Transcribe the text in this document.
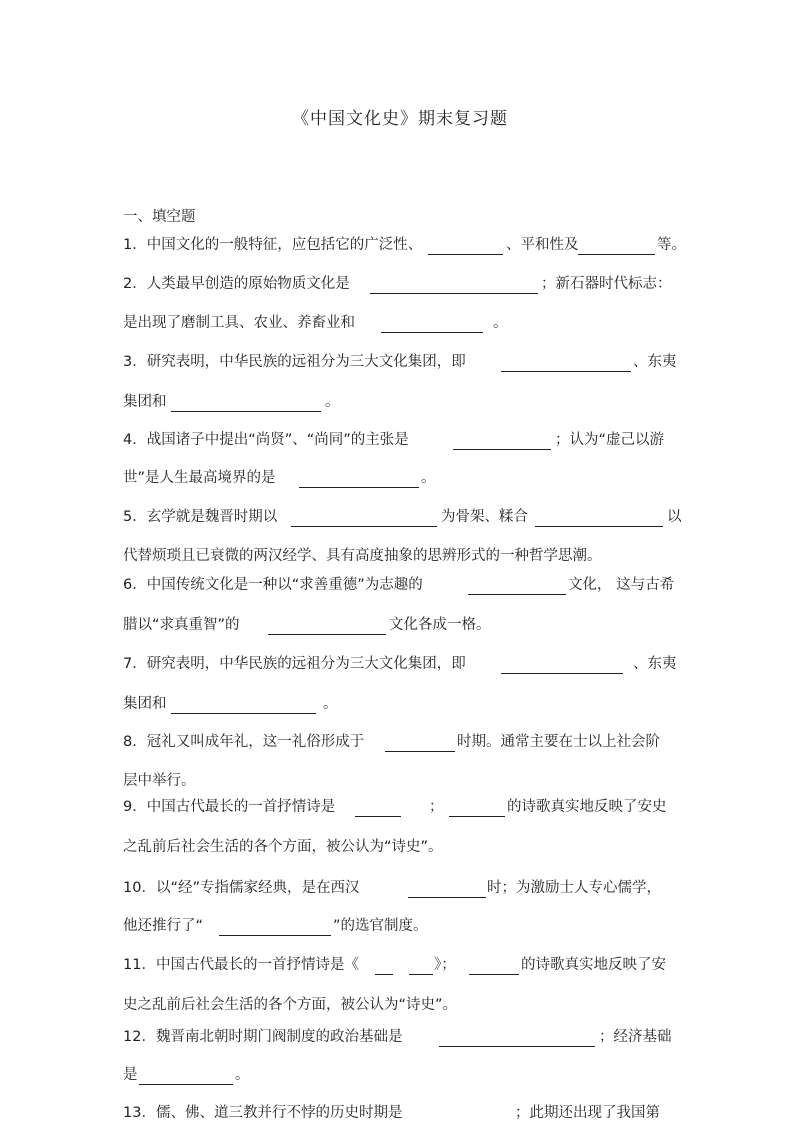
《中国文化史》期末复习题
一、填空题
1．中国文化的一般特征，应包括它的广泛性、	、平和性及	等。
2．人类最早创造的原始物质文化是	；新石器时代标志：
是出现了磨制工具、农业、养畜业和	。
3．研究表明，中华民族的远祖分为三大文化集团，即	、东夷
集团和	。
4．战国诸子中提出“尚贤”、“尚同”的主张是	；认为“虚己以游
世”是人生最高境界的是	。
5．玄学就是魏晋时期以	为骨架、糅合	以
代替烦琐且已衰微的两汉经学、具有高度抽象的思辨形式的一种哲学思潮。
6．中国传统文化是一种以“求善重德”为志趣的	文化， 这与古希
腊以“求真重智”的	文化各成一格。
7．研究表明，中华民族的远祖分为三大文化集团，即	、东夷
集团和	。
8．冠礼又叫成年礼，这一礼俗形成于	时期。通常主要在士以上社会阶
层中举行。
9．中国古代最长的一首抒情诗是	；	的诗歌真实地反映了安史
之乱前后社会生活的各个方面，被公认为“诗史”。
10．以“经”专指儒家经典，是在西汉	时；为激励士人专心儒学，
他还推行了“	”的选官制度。
11．中国古代最长的一首抒情诗是《	》；	的诗歌真实地反映了安
史之乱前后社会生活的各个方面，被公认为“诗史”。
12．魏晋南北朝时期门阀制度的政治基础是	；经济基础
是	。
13．儒、佛、道三教并行不悖的历史时期是	；此期还出现了我国第
